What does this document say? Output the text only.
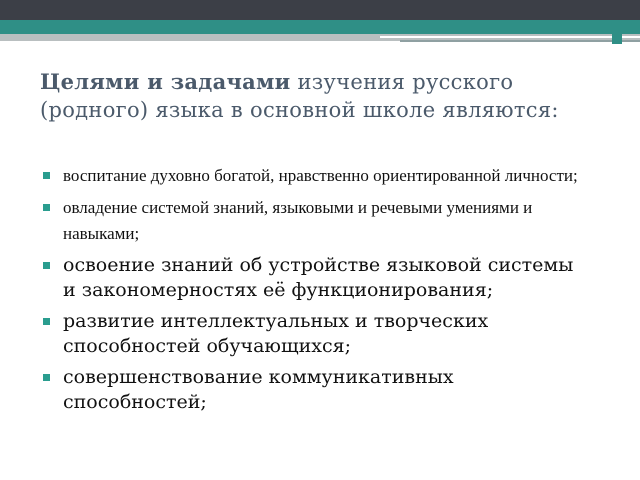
Целями и задачами изучения русского (родного) языка в основной школе являются:
воспитание духовно богатой, нравственно ориентированной личности;
овладение системой знаний, языковыми и речевыми умениями и навыками;
освоение знаний об устройстве языковой системы и закономерностях её функционирования;
развитие интеллектуальных и творческих способностей обучающихся;
совершенствование коммуникативных способностей;
